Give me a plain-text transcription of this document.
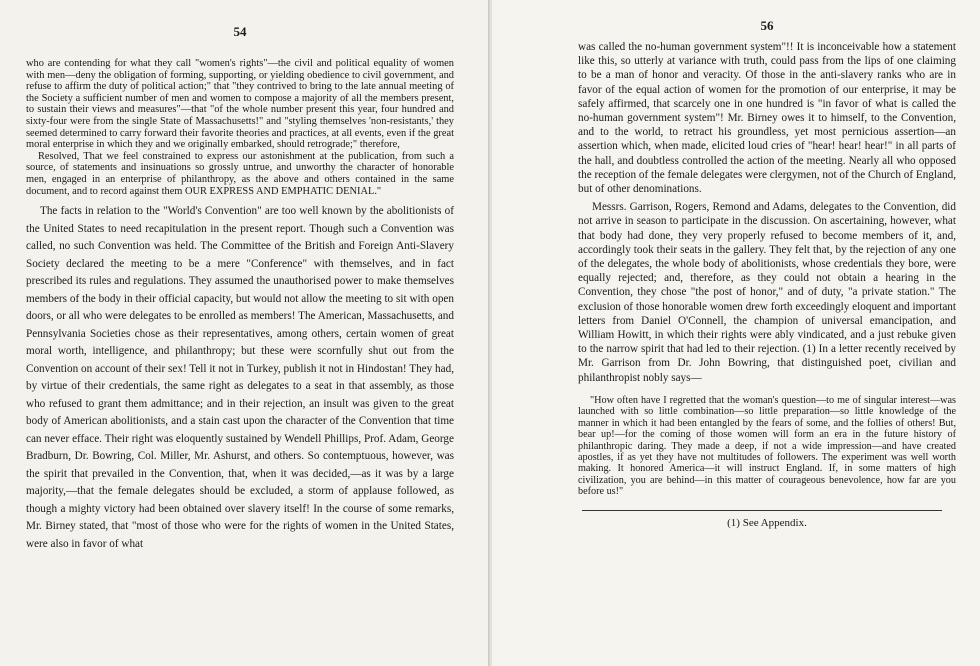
54

who are contending for what they call "women's rights"—the civil and political equality of women with men—deny the obligation of forming, supporting, or yielding obedience to civil government, and refuse to affirm the duty of political action;" that "they contrived to bring to the late annual meeting of the Society a sufficient number of men and women to compose a majority of all the members present, to sustain their views and measures"—that "of the whole number present this year, four hundred and sixty-four were from the single State of Massachusetts!" and "styling themselves 'non-resistants,' they seemed determined to carry forward their favorite theories and practices, at all events, even if the great moral enterprise in which they and we originally embarked, should retrograde;" therefore,

Resolved, That we feel constrained to express our astonishment at the publication, from such a source, of statements and insinuations so grossly untrue, and unworthy the character of honorable men, engaged in an enterprise of philanthropy, as the above and others contained in the same document, and to record against them OUR EXPRESS AND EMPHATIC DENIAL."

The facts in relation to the "World's Convention" are too well known by the abolitionists of the United States to need recapitulation in the present report. Though such a Convention was called, no such Convention was held. The Committee of the British and Foreign Anti-Slavery Society declared the meeting to be a mere "Conference" with themselves, and in fact prescribed its rules and regulations. They assumed the unauthorised power to make themselves members of the body in their official capacity, but would not allow the meeting to sit with open doors, or all who were delegates to be enrolled as members! The American, Massachusetts, and Pennsylvania Societies chose as their representatives, among others, certain women of great moral worth, intelligence, and philanthropy; but these were scornfully shut out from the Convention on account of their sex! Tell it not in Turkey, publish it not in Hindostan! They had, by virtue of their credentials, the same right as delegates to a seat in that assembly, as those who refused to grant them admittance; and in their rejection, an insult was given to the great body of American abolitionists, and a stain cast upon the character of the Convention that time can never efface. Their right was eloquently sustained by Wendell Phillips, Prof. Adam, George Bradburn, Dr. Bowring, Col. Miller, Mr. Ashurst, and others. So contemptuous, however, was the spirit that prevailed in the Convention, that, when it was decided,—as it was by a large majority,—that the female delegates should be excluded, a storm of applause followed, as though a mighty victory had been obtained over slavery itself! In the course of some remarks, Mr. Birney stated, that "most of those who were for the rights of women in the United States, were also in favor of what

56

was called the no-human government system"!! It is inconceivable how a statement like this, so utterly at variance with truth, could pass from the lips of one claiming to be a man of honor and veracity. Of those in the anti-slavery ranks who are in favor of the equal action of women for the promotion of our enterprise, it may be safely affirmed, that scarcely one in one hundred is "in favor of what is called the no-human government system"! Mr. Birney owes it to himself, to the Convention, and to the world, to retract his groundless, yet most pernicious assertion—an assertion which, when made, elicited loud cries of "hear! hear! hear!" in all parts of the hall, and doubtless controlled the action of the meeting. Nearly all who opposed the reception of the female delegates were clergymen, not of the Church of England, but of other denominations.

Messrs. Garrison, Rogers, Remond and Adams, delegates to the Convention, did not arrive in season to participate in the discussion. On ascertaining, however, what that body had done, they very properly refused to become members of it, and, accordingly took their seats in the gallery. They felt that, by the rejection of any one of the delegates, the whole body of abolitionists, whose credentials they bore, were equally rejected; and, therefore, as they could not obtain a hearing in the Convention, they chose "the post of honor," and of duty, "a private station." The exclusion of those honorable women drew forth exceedingly eloquent and important letters from Daniel O'Connell, the champion of universal emancipation, and William Howitt, in which their rights were ably vindicated, and a just rebuke given to the narrow spirit that had led to their rejection. (1) In a letter recently received by Mr. Garrison from Dr. John Bowring, that distinguished poet, civilian and philanthropist nobly says—

"How often have I regretted that the woman's question—to me of singular interest—was launched with so little combination—so little preparation—so little knowledge of the manner in which it had been entangled by the fears of some, and the follies of others! But, bear up!—for the coming of those women will form an era in the future history of philanthropic daring. They made a deep, if not a wide impression—and have created apostles, if as yet they have not multitudes of followers. The experiment was well worth making. It honored America—it will instruct England. If, in some matters of high civilization, you are behind—in this matter of courageous benevolence, how far are you before us!"

(1) See Appendix.
